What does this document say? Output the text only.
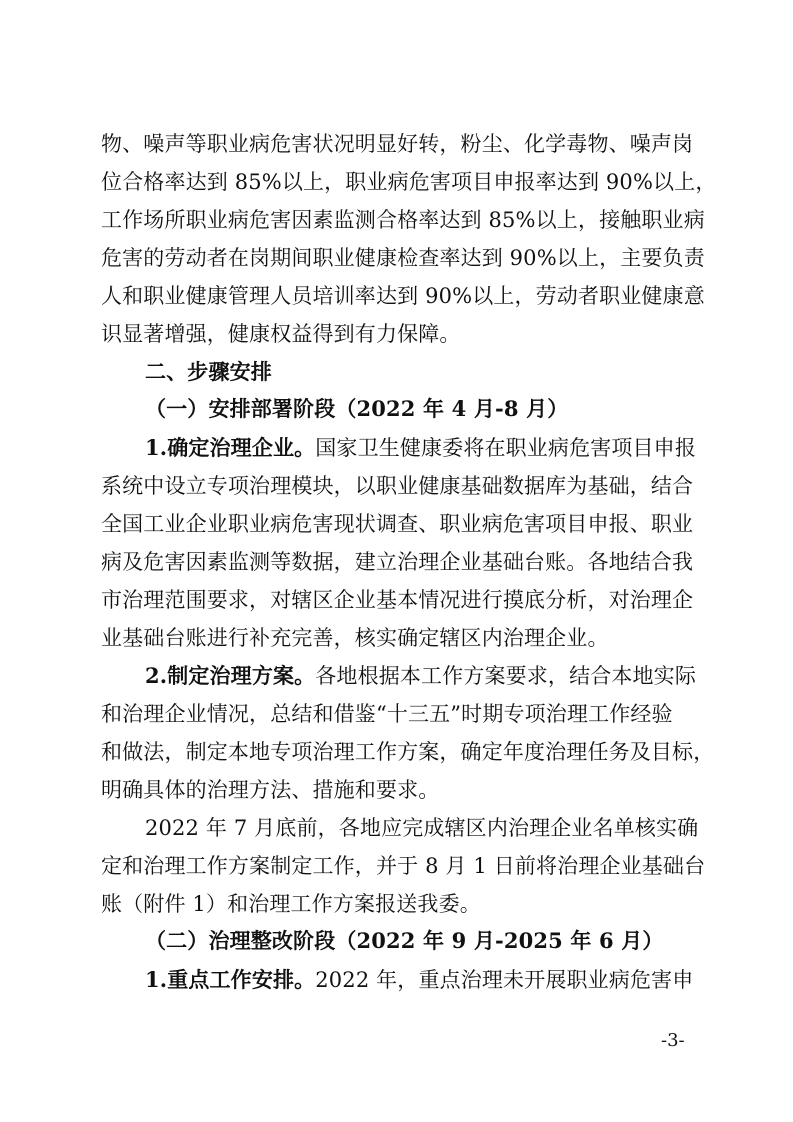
物、噪声等职业病危害状况明显好转，粉尘、化学毒物、噪声岗
位合格率达到 85%以上，职业病危害项目申报率达到 90%以上，
工作场所职业病危害因素监测合格率达到 85%以上，接触职业病
危害的劳动者在岗期间职业健康检查率达到 90%以上，主要负责
人和职业健康管理人员培训率达到 90%以上，劳动者职业健康意
识显著增强，健康权益得到有力保障。
二、步骤安排
（一）安排部署阶段（2022 年 4 月-8 月）
1.确定治理企业。国家卫生健康委将在职业病危害项目申报
系统中设立专项治理模块，以职业健康基础数据库为基础，结合
全国工业企业职业病危害现状调查、职业病危害项目申报、职业
病及危害因素监测等数据，建立治理企业基础台账。各地结合我
市治理范围要求，对辖区企业基本情况进行摸底分析，对治理企
业基础台账进行补充完善，核实确定辖区内治理企业。
2.制定治理方案。各地根据本工作方案要求，结合本地实际
和治理企业情况，总结和借鉴“十三五”时期专项治理工作经验
和做法，制定本地专项治理工作方案，确定年度治理任务及目标，
明确具体的治理方法、措施和要求。
2022 年 7 月底前，各地应完成辖区内治理企业名单核实确
定和治理工作方案制定工作，并于 8 月 1 日前将治理企业基础台
账（附件 1）和治理工作方案报送我委。
（二）治理整改阶段（2022 年 9 月-2025 年 6 月）
1.重点工作安排。2022 年，重点治理未开展职业病危害申
-3-
